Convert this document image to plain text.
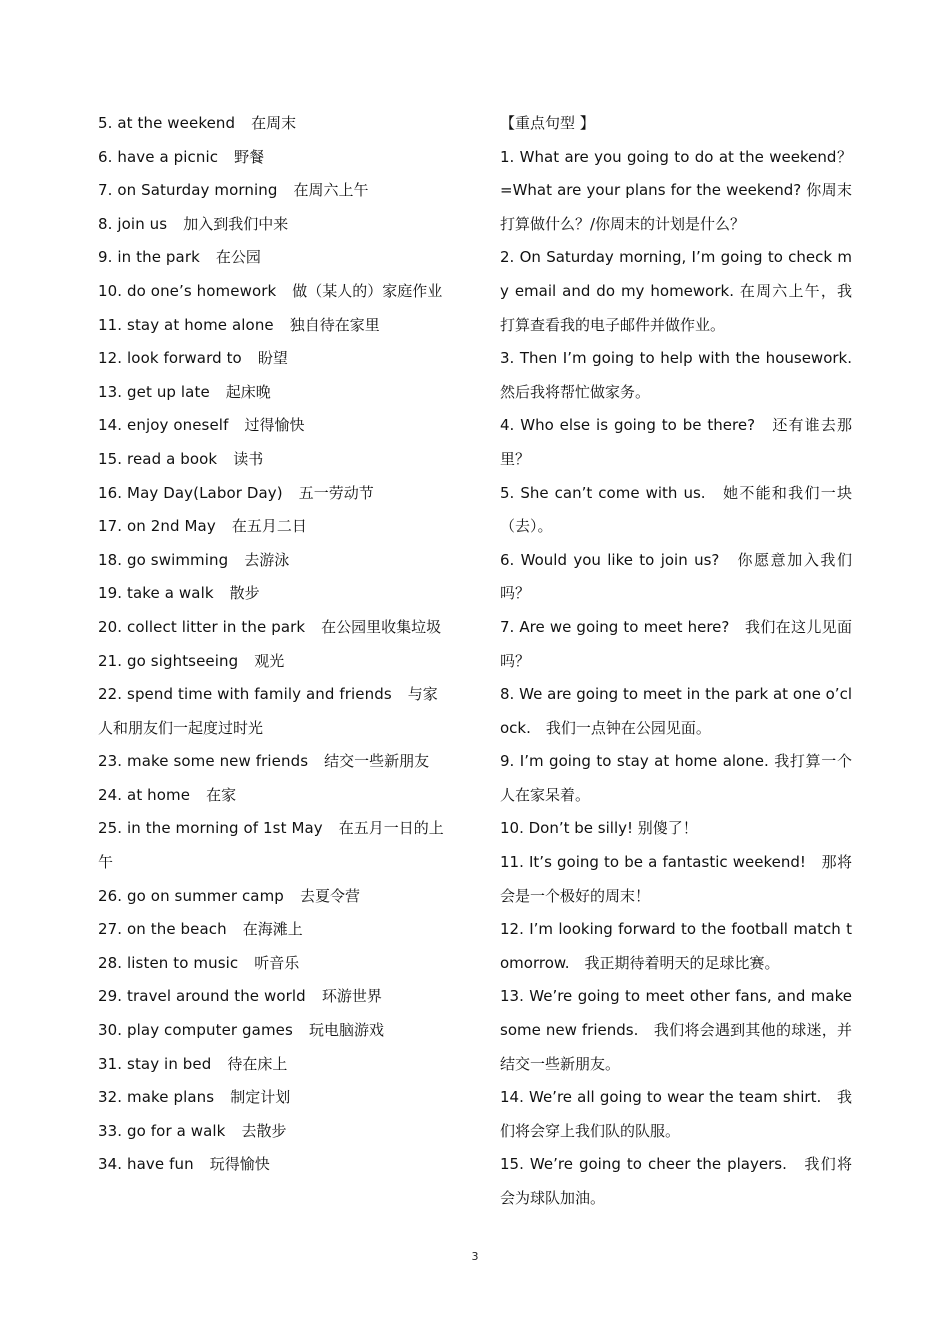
5. at the weekend 在周末

6. have a picnic 野餐

7. on Saturday morning 在周六上午

8. join us 加入到我们中来

9. in the park 在公园

10. do one’s homework 做（某人的）家庭作业

11. stay at home alone 独自待在家里

12. look forward to 盼望

13. get up late 起床晚

14. enjoy oneself 过得愉快

15. read a book 读书

16. May Day(Labor Day) 五一劳动节

17. on 2nd May 在五月二日

18. go swimming 去游泳

19. take a walk 散步

20. collect litter in the park 在公园里收集垃圾

21. go sightseeing 观光

22. spend time with family and friends 与家人和朋友们一起度过时光

23. make some new friends 结交一些新朋友

24. at home 在家

25. in the morning of 1st May 在五月一日的上午

26. go on summer camp 去夏令营

27. on the beach 在海滩上

28. listen to music 听音乐

29. travel around the world 环游世界

30. play computer games 玩电脑游戏

31. stay in bed 待在床上

32. make plans 制定计划

33. go for a walk 去散步

34. have fun 玩得愉快

【重点句型 】

1. What are you going to do at the weekend？=What are your plans for the weekend? 你周末打算做什么？/你周末的计划是什么？

2. On Saturday morning, I’m going to check my email and do my homework. 在周六上午，我打算查看我的电子邮件并做作业。

3. Then I’m going to help with the housework. 然后我将帮忙做家务。

4. Who else is going to be there?　还有谁去那里？

5. She can’t come with us.　她不能和我们一块（去）。

6. Would you like to join us?　你愿意加入我们吗？

7. Are we going to meet here?　我们在这儿见面吗？

8. We are going to meet in the park at one o’clock.　我们一点钟在公园见面。

9. I’m going to stay at home alone. 我打算一个人在家呆着。

10. Don’t be silly! 别傻了！

11. It’s going to be a fantastic weekend!　那将会是一个极好的周末！

12. I’m looking forward to the football match tomorrow.　我正期待着明天的足球比赛。

13. We’re going to meet other fans, and make some new friends.　我们将会遇到其他的球迷，并结交一些新朋友。

14. We’re all going to wear the team shirt.　我们将会穿上我们队的队服。

15. We’re going to cheer the players.　我们将会为球队加油。

3
